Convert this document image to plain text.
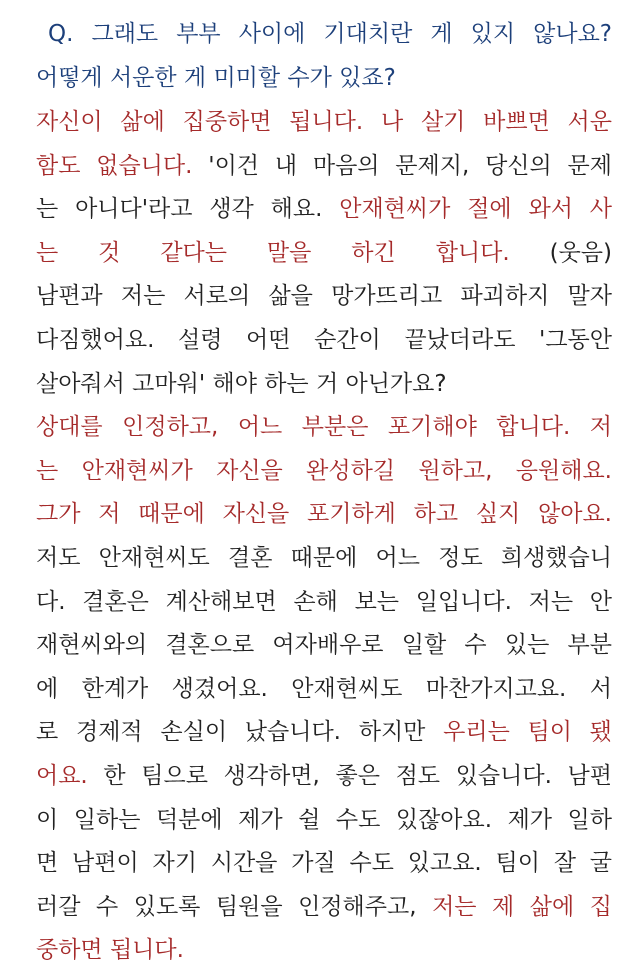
Q. 그래도 부부 사이에 기대치란 게 있지 않나요?
어떻게 서운한 게 미미할 수가 있죠?
자신이 삶에 집중하면 됩니다. 나 살기 바쁘면 서운
함도 없습니다. '이건 내 마음의 문제지, 당신의 문제
는 아니다'라고 생각 해요. 안재현씨가 절에 와서 사
는 것 같다는 말을 하긴 합니다. (웃음)
남편과 저는 서로의 삶을 망가뜨리고 파괴하지 말자
다짐했어요. 설령 어떤 순간이 끝났더라도 '그동안
살아줘서 고마워' 해야 하는 거 아닌가요?
상대를 인정하고, 어느 부분은 포기해야 합니다. 저
는 안재현씨가 자신을 완성하길 원하고, 응원해요.
그가 저 때문에 자신을 포기하게 하고 싶지 않아요.
저도 안재현씨도 결혼 때문에 어느 정도 희생했습니
다. 결혼은 계산해보면 손해 보는 일입니다. 저는 안
재현씨와의 결혼으로 여자배우로 일할 수 있는 부분
에 한계가 생겼어요. 안재현씨도 마찬가지고요. 서
로 경제적 손실이 났습니다. 하지만 우리는 팀이 됐
어요. 한 팀으로 생각하면, 좋은 점도 있습니다. 남편
이 일하는 덕분에 제가 쉴 수도 있잖아요. 제가 일하
면 남편이 자기 시간을 가질 수도 있고요. 팀이 잘 굴
러갈 수 있도록 팀원을 인정해주고, 저는 제 삶에 집
중하면 됩니다.
